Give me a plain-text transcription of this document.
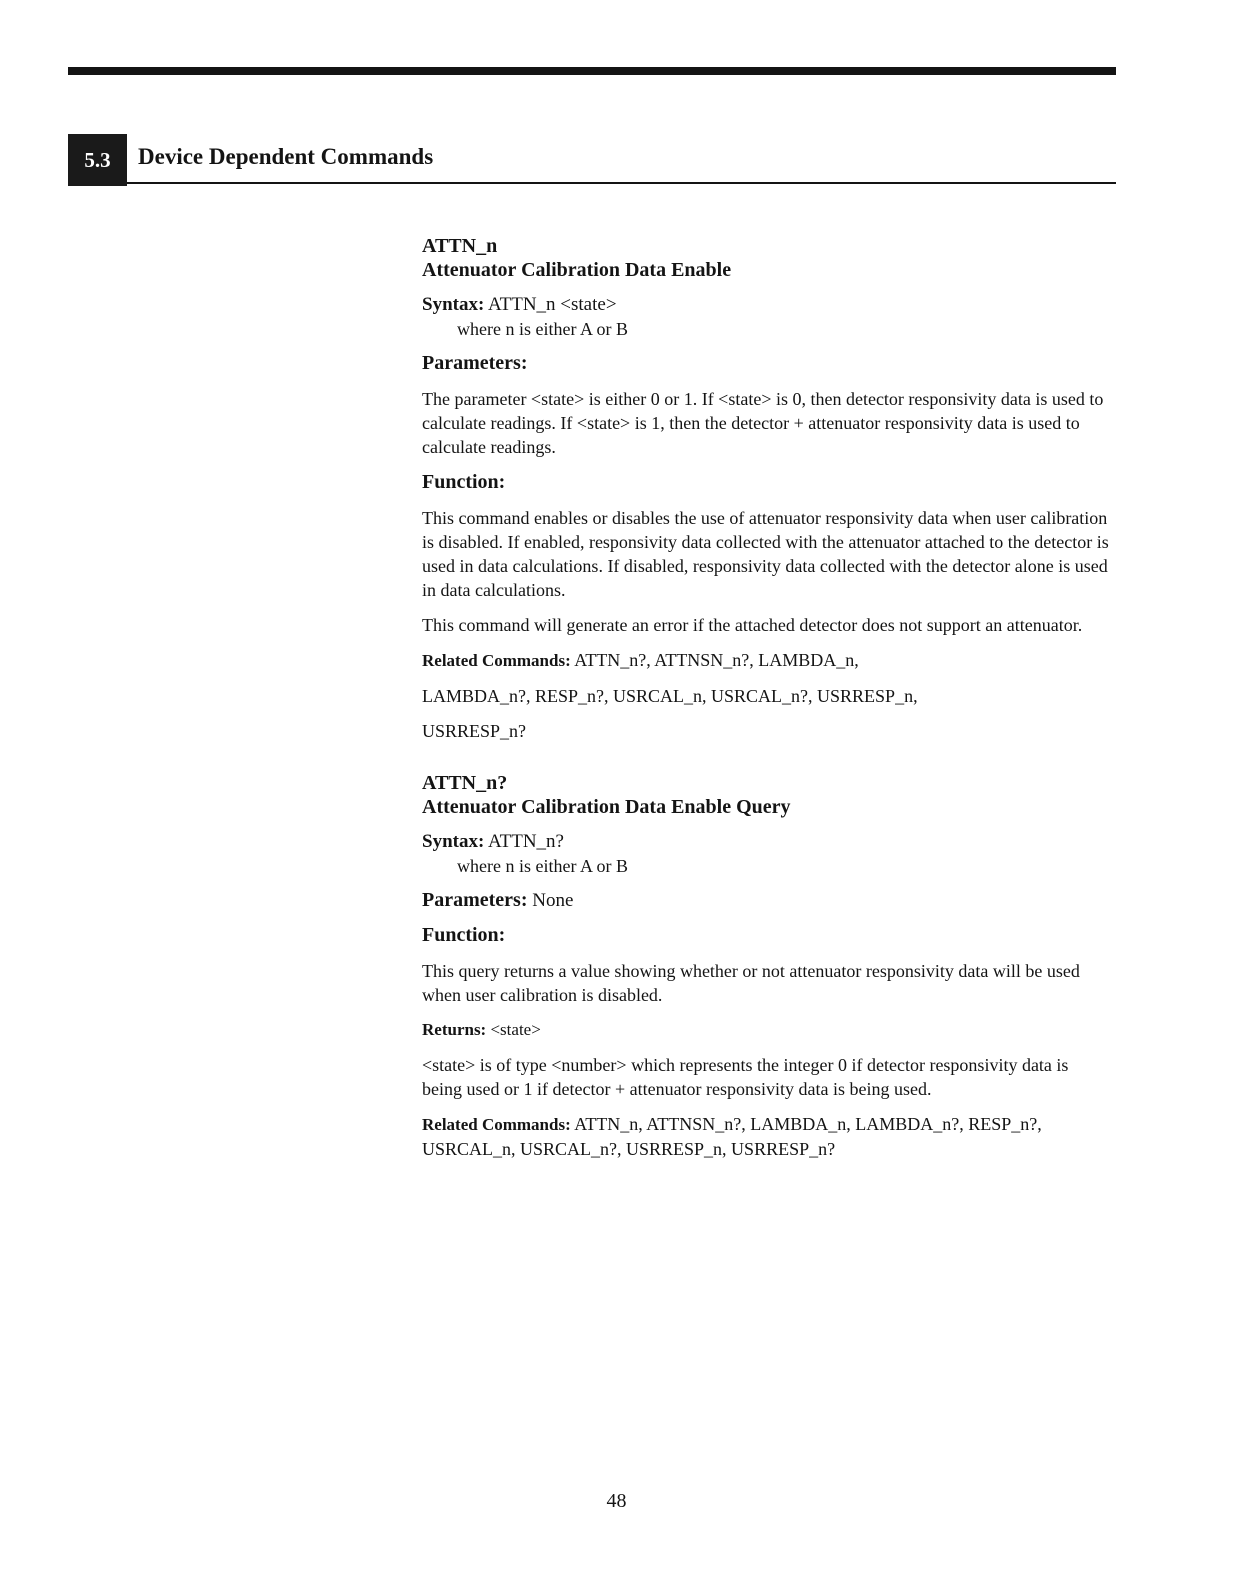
5.3	Device Dependent Commands
ATTN_n
Attenuator Calibration Data Enable
Syntax: ATTN_n <state>
where n is either A or B
Parameters:

The parameter <state> is either 0 or 1. If <state> is 0, then detector responsivity data is used to calculate readings. If <state> is 1, then the detector + attenuator responsivity data is used to calculate readings.

Function:

This command enables or disables the use of attenuator responsivity data when user calibration is disabled. If enabled, responsivity data collected with the attenuator attached to the detector is used in data calculations. If disabled, responsivity data collected with the detector alone is used in data calculations.

This command will generate an error if the attached detector does not support an attenuator.

Related Commands: ATTN_n?, ATTNSN_n?, LAMBDA_n,
LAMBDA_n?, RESP_n?, USRCAL_n, USRCAL_n?, USRRESP_n,
USRRESP_n?
ATTN_n?
Attenuator Calibration Data Enable Query
Syntax: ATTN_n?
where n is either A or B
Parameters: None
Function:

This query returns a value showing whether or not attenuator responsivity data will be used when user calibration is disabled.

Returns: <state>

<state> is of type <number> which represents the integer 0 if detector responsivity data is being used or 1 if detector + attenuator responsivity data is being used.

Related Commands: ATTN_n, ATTNSN_n?, LAMBDA_n, LAMBDA_n?, RESP_n?, USRCAL_n, USRCAL_n?, USRRESP_n, USRRESP_n?
48
